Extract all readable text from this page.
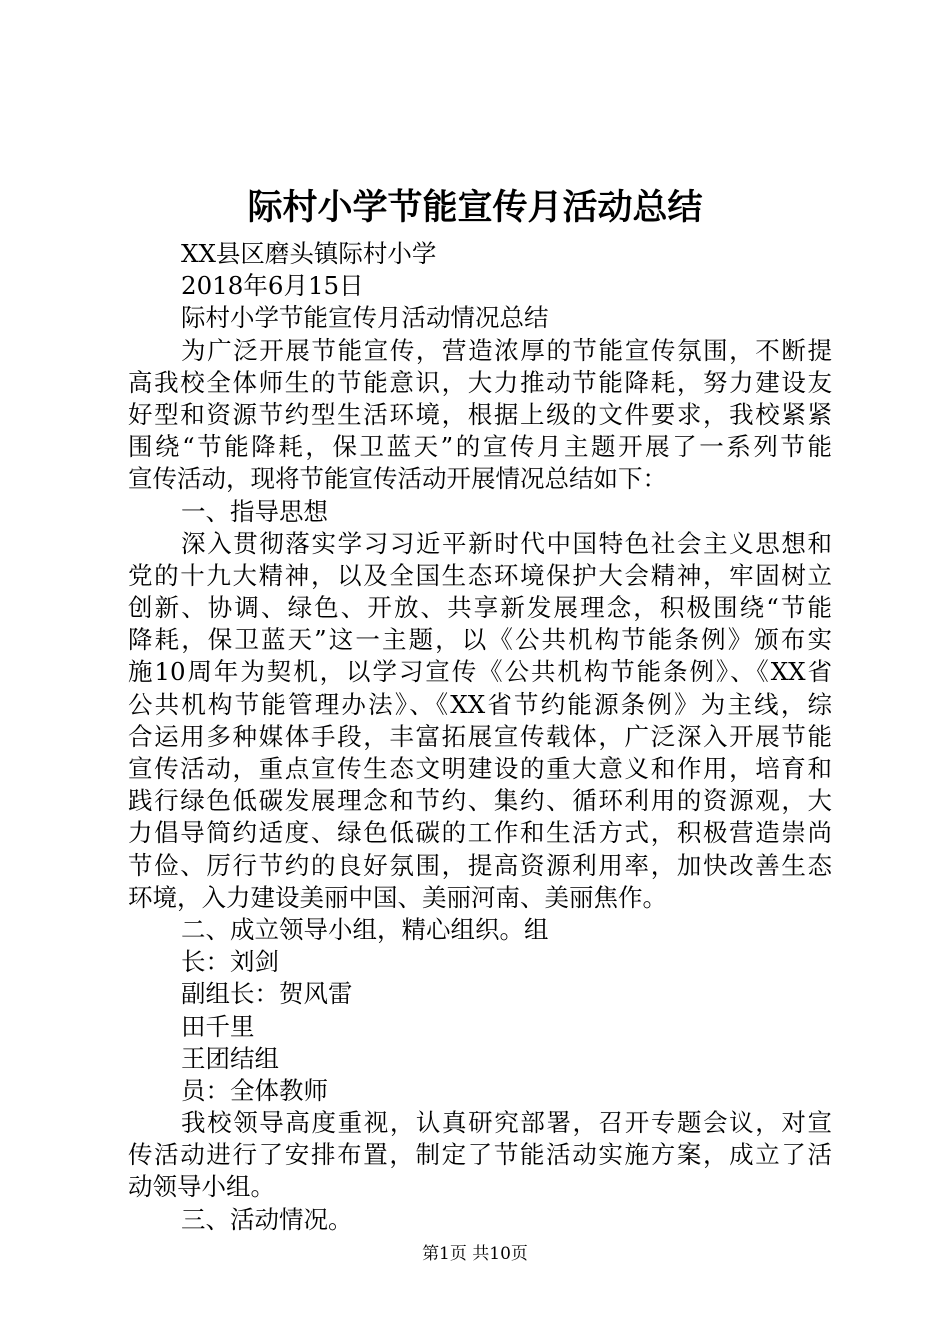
际村小学节能宣传月活动总结
XX县区磨头镇际村小学
2018年6月15日
际村小学节能宣传月活动情况总结
为广泛开展节能宣传，营造浓厚的节能宣传氛围，不断提
高我校全体师生的节能意识，大力推动节能降耗，努力建设友
好型和资源节约型生活环境，根据上级的文件要求，我校紧紧
围绕“节能降耗，保卫蓝天”的宣传月主题开展了一系列节能
宣传活动，现将节能宣传活动开展情况总结如下：
一、指导思想
深入贯彻落实学习习近平新时代中国特色社会主义思想和
党的十九大精神，以及全国生态环境保护大会精神，牢固树立
创新、协调、绿色、开放、共享新发展理念，积极围绕“节能
降耗，保卫蓝天”这一主题，以《公共机构节能条例》颁布实
施10周年为契机，以学习宣传《公共机构节能条例》、《XX省
公共机构节能管理办法》、《XX省节约能源条例》为主线，综
合运用多种媒体手段，丰富拓展宣传载体，广泛深入开展节能
宣传活动，重点宣传生态文明建设的重大意义和作用，培育和
践行绿色低碳发展理念和节约、集约、循环利用的资源观，大
力倡导简约适度、绿色低碳的工作和生活方式，积极营造崇尚
节俭、厉行节约的良好氛围，提高资源利用率，加快改善生态
环境，入力建设美丽中国、美丽河南、美丽焦作。
二、成立领导小组，精心组织。组
长：刘剑
副组长：贺风雷
田千里
王团结组
员：全体教师
我校领导高度重视，认真研究部署，召开专题会议，对宣
传活动进行了安排布置，制定了节能活动实施方案，成立了活
动领导小组。
三、活动情况。
第1页 共10页
